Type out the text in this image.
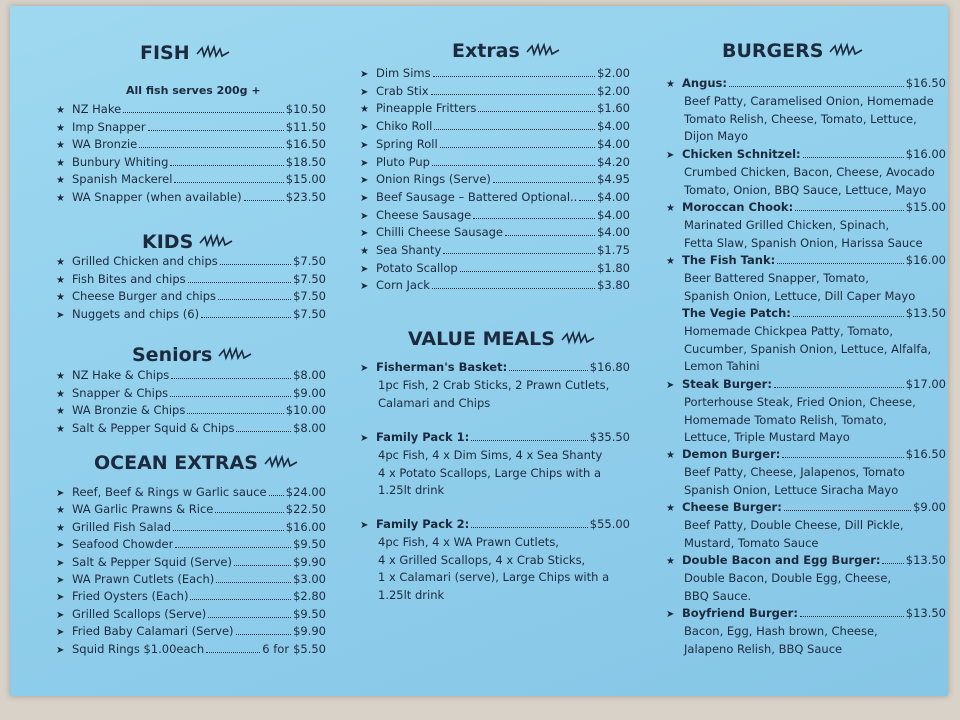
FISH
All fish serves 200g +
★ NZ Hake	$10.50
★ Imp Snapper	$11.50
★ WA Bronzie	$16.50
★ Bunbury Whiting	$18.50
★ Spanish Mackerel	$15.00
★ WA Snapper (when available)	$23.50
KIDS
★ Grilled Chicken and chips	$7.50
★ Fish Bites and chips	$7.50
★ Cheese Burger and chips	$7.50
➤ Nuggets and chips (6)	$7.50
Seniors
★ NZ Hake & Chips	$8.00
★ Snapper & Chips	$9.00
★ WA Bronzie & Chips	$10.00
★ Salt & Pepper Squid & Chips	$8.00
OCEAN EXTRAS
➤ Reef, Beef & Rings w Garlic sauce $24.00
★ WA Garlic Prawns & Rice	$22.50
★ Grilled Fish Salad	$16.00
➤ Seafood Chowder	$9.50
➤ Salt & Pepper Squid (Serve)	$9.90
➤ WA Prawn Cutlets (Each)	$3.00
➤ Fried Oysters (Each)	$2.80
➤ Grilled Scallops (Serve)	$9.50
➤ Fried Baby Calamari (Serve)	$9.90
➤ Squid Rings $1.00each	6 for $5.50
Extras
➤ Dim Sims	$2.00
➤ Crab Stix	$2.00
★ Pineapple Fritters	$1.60
➤ Chiko Roll	$4.00
➤ Spring Roll	$4.00
➤ Pluto Pup	$4.20
➤ Onion Rings (Serve)	$4.95
➤ Beef Sausage – Battered Optional.. $4.00
➤ Cheese Sausage	$4.00
➤ Chilli Cheese Sausage	$4.00
★ Sea Shanty	$1.75
➤ Potato Scallop	$1.80
➤ Corn Jack	$3.80
VALUE MEALS
➤ Fisherman's Basket:	$16.80
1pc Fish, 2 Crab Sticks, 2 Prawn Cutlets,
Calamari and Chips
➤ Family Pack 1:	$35.50
4pc Fish, 4 x Dim Sims, 4 x Sea Shanty
4 x Potato Scallops, Large Chips with a
1.25lt drink
➤ Family Pack 2:	$55.00
4pc Fish, 4 x WA Prawn Cutlets,
4 x Grilled Scallops, 4 x Crab Sticks,
1 x Calamari (serve), Large Chips with a
1.25lt drink
BURGERS
★ Angus:	$16.50
Beef Patty, Caramelised Onion, Homemade
Tomato Relish, Cheese, Tomato, Lettuce,
Dijon Mayo
➤ Chicken Schnitzel:	$16.00
Crumbed Chicken, Bacon, Cheese, Avocado
Tomato, Onion, BBQ Sauce, Lettuce, Mayo
★ Moroccan Chook:	$15.00
Marinated Grilled Chicken, Spinach,
Fetta Slaw, Spanish Onion, Harissa Sauce
★ The Fish Tank:	$16.00
Beer Battered Snapper, Tomato,
Spanish Onion, Lettuce, Dill Caper Mayo
The Vegie Patch:	$13.50
Homemade Chickpea Patty, Tomato,
Cucumber, Spanish Onion, Lettuce, Alfalfa,
Lemon Tahini
➤ Steak Burger:	$17.00
Porterhouse Steak, Fried Onion, Cheese,
Homemade Tomato Relish, Tomato,
Lettuce, Triple Mustard Mayo
★ Demon Burger:	$16.50
Beef Patty, Cheese, Jalapenos, Tomato
Spanish Onion, Lettuce Siracha Mayo
★ Cheese Burger:	$9.00
Beef Patty, Double Cheese, Dill Pickle,
Mustard, Tomato Sauce
★ Double Bacon and Egg Burger: $13.50
Double Bacon, Double Egg, Cheese,
BBQ Sauce.
➤ Boyfriend Burger:	$13.50
Bacon, Egg, Hash brown, Cheese,
Jalapeno Relish, BBQ Sauce
